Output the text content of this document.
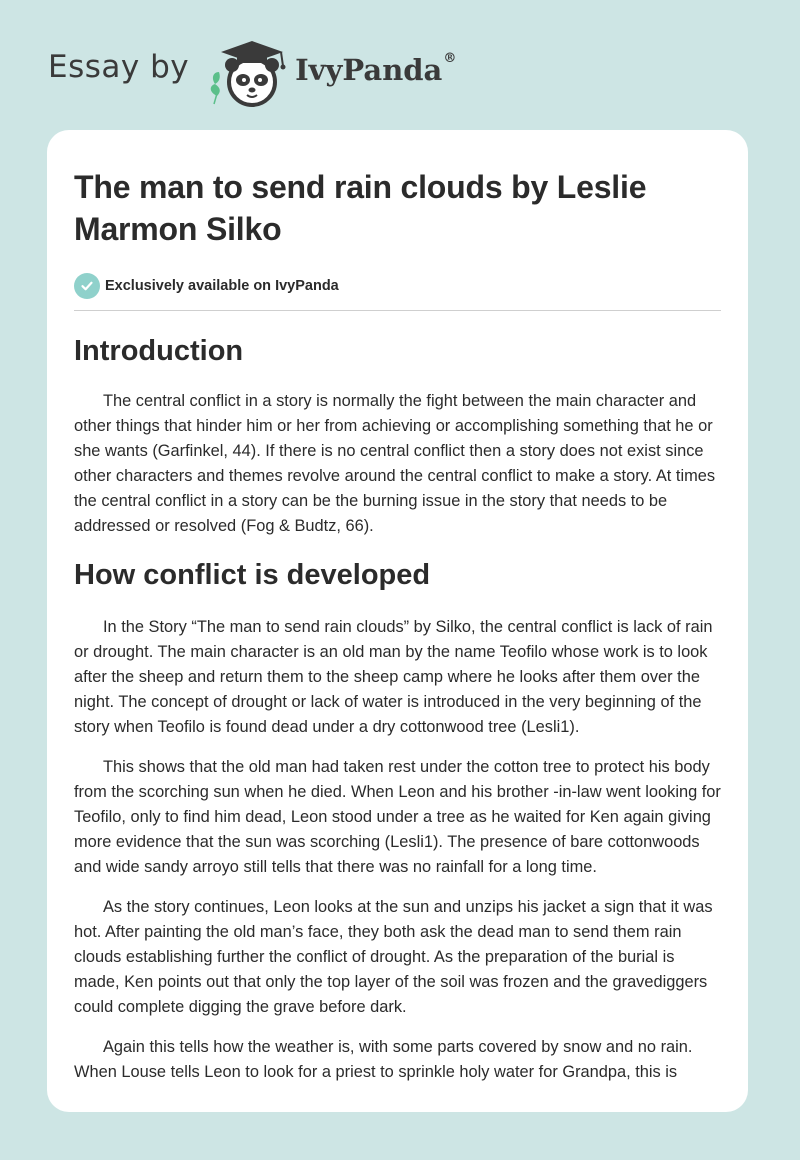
Essay by	IvyPanda®
The man to send rain clouds by Leslie Marmon Silko
Exclusively available on IvyPanda
Introduction

The central conflict in a story is normally the fight between the main character and other things that hinder him or her from achieving or accomplishing something that he or she wants (Garfinkel, 44). If there is no central conflict then a story does not exist since other characters and themes revolve around the central conflict to make a story. At times the central conflict in a story can be the burning issue in the story that needs to be addressed or resolved (Fog & Budtz, 66).

How conflict is developed

In the Story “The man to send rain clouds” by Silko, the central conflict is lack of rain or drought. The main character is an old man by the name Teofilo whose work is to look after the sheep and return them to the sheep camp where he looks after them over the night. The concept of drought or lack of water is introduced in the very beginning of the story when Teofilo is found dead under a dry cottonwood tree (Lesli1).

This shows that the old man had taken rest under the cotton tree to protect his body from the scorching sun when he died. When Leon and his brother -in-law went looking for Teofilo, only to find him dead, Leon stood under a tree as he waited for Ken again giving more evidence that the sun was scorching (Lesli1). The presence of bare cottonwoods and wide sandy arroyo still tells that there was no rainfall for a long time.

As the story continues, Leon looks at the sun and unzips his jacket a sign that it was hot. After painting the old man’s face, they both ask the dead man to send them rain clouds establishing further the conflict of drought. As the preparation of the burial is made, Ken points out that only the top layer of the soil was frozen and the gravediggers could complete digging the grave before dark.

Again this tells how the weather is, with some parts covered by snow and no rain. When Louse tells Leon to look for a priest to sprinkle holy water for Grandpa, this is
